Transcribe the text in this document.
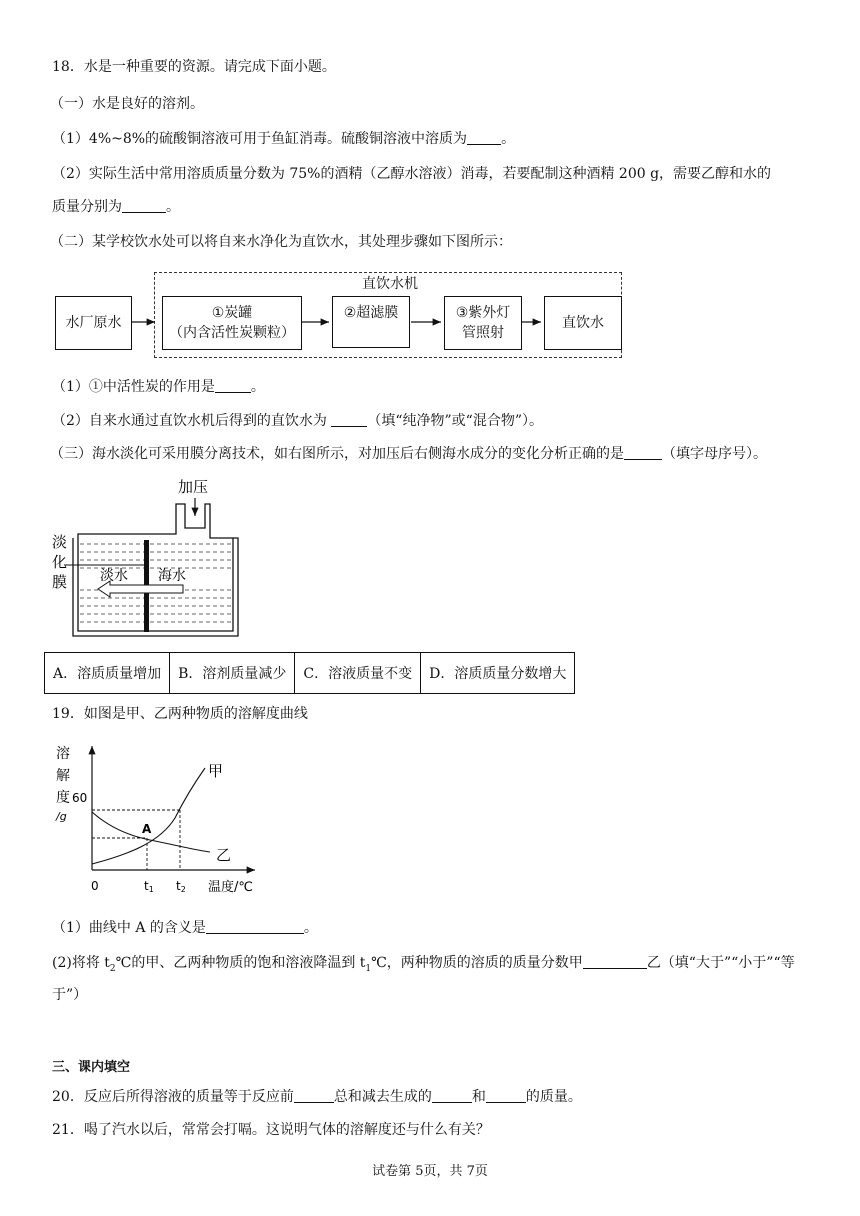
18．水是一种重要的资源。请完成下面小题。
（一）水是良好的溶剂。
（1）4%~8%的硫酸铜溶液可用于鱼缸消毒。硫酸铜溶液中溶质为 。
（2）实际生活中常用溶质质量分数为 75%的酒精（乙醇水溶液）消毒，若要配制这种酒精 200 g，需要乙醇和水的
质量分别为	。
（二）某学校饮水处可以将自来水净化为直饮水，其处理步骤如下图所示：
直饮水机
水厂原水
①炭罐
（内含活性炭颗粒）
②超滤膜	③紫外灯
管照射
直饮水
（1）①中活性炭的作用是	。
（2）自来水通过直饮水机后得到的直饮水为	（填“纯净物”或“混合物”）。
（三）海水淡化可采用膜分离技术，如右图所示，对加压后右侧海水成分的变化分析正确的是	（填字母序号）。
加压
淡
化
膜 淡水 海水
A．溶质质量增加	B．溶剂质量减少	C．溶液质量不变	D．溶质质量分数增大
19．如图是甲、乙两种物质的溶解度曲线
溶
解
度 60
/g
甲
乙
A
0	t1 t2 温度/℃
（1）曲线中 A 的含义是	。
(2)将将 $t_2℃$的甲、乙两种物质的饱和溶液降温到 $t_1℃$，两种物质的溶质的质量分数甲	乙（填“大于”“小于”“等
于”）
三、课内填空
20．反应后所得溶液的质量等于反应前	总和减去生成的	和	的质量。
21．喝了汽水以后，常常会打嗝。这说明气体的溶解度还与什么有关？
试卷第 5页，共 7页
